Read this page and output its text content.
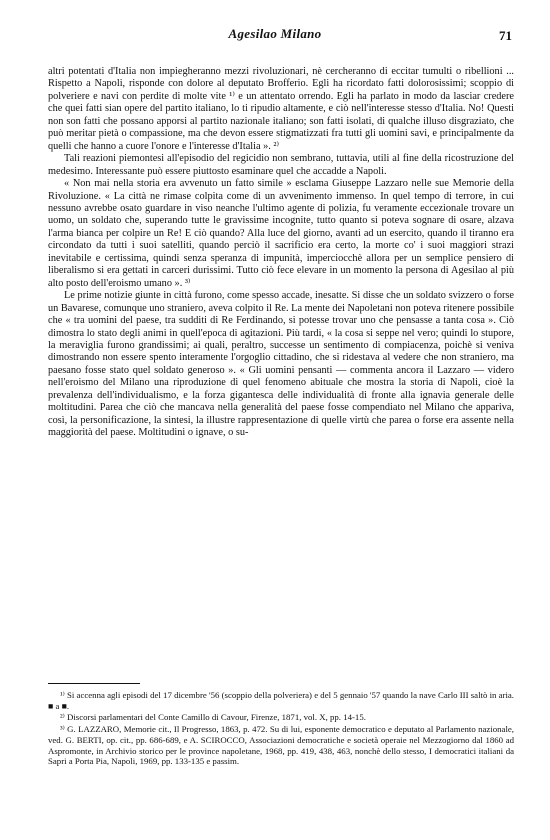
Agesilao Milano	71

altri potentati d'Italia non impiegheranno mezzi rivoluzionari, nè cercheranno di eccitar tumulti o ribellioni ... Rispetto a Napoli, risponde con dolore al deputato Brofferio. Egli ha ricordato fatti dolorosissimi; scoppio di polveriere e navi con perdite di molte vite ¹⁾ e un attentato orrendo. Egli ha parlato in modo da lasciar credere che quei fatti sian opere del partito italiano, lo ti ripudio altamente, e ciò nell'interesse stesso d'Italia. No! Questi non son fatti che possano apporsi al partito nazionale italiano; son fatti isolati, di qualche illuso disgraziato, che può meritar pietà o compassione, ma che devon essere stigmatizzati fra tutti gli uomini savi, e principalmente da quelli che hanno a cuore l'onore e l'interesse d'Italia ». ²⁾

Tali reazioni piemontesi all'episodio del regicidio non sembrano, tuttavia, utili al fine della ricostruzione del medesimo. Interessante può essere piuttosto esaminare quel che accadde a Napoli.

« Non mai nella storia era avvenuto un fatto simile » esclama Giuseppe Lazzaro nelle sue Memorie della Rivoluzione. « La città ne rimase colpita come di un avvenimento immenso. In quel tempo di terrore, in cui nessuno avrebbe osato guardare in viso neanche l'ultimo agente di polizia, fu veramente eccezionale trovare un uomo, un soldato che, superando tutte le gravissime incognite, tutto quanto si poteva sognare di osare, alzava l'arma bianca per colpire un Re! E ciò quando? Alla luce del giorno, avanti ad un esercito, quando il tiranno era circondato da tutti i suoi satelliti, quando perciò il sacrificio era certo, la morte co' i suoi maggiori strazi inevitabile e certissima, quindi senza speranza di impunità, imperciocchè allora per un semplice pensiero di liberalismo si era gettati in carceri durissimi. Tutto ciò fece elevare in un momento la persona di Agesilao al più alto posto dell'eroismo umano ». ³⁾

Le prime notizie giunte in città furono, come spesso accade, inesatte. Si disse che un soldato svizzero o forse un Bavarese, comunque uno straniero, aveva colpito il Re. La mente dei Napoletani non poteva ritenere possibile che « tra uomini del paese, tra sudditi di Re Ferdinando, si potesse trovar uno che pensasse a tanta cosa ». Ciò dimostra lo stato degli animi in quell'epoca di agitazioni. Più tardi, « la cosa si seppe nel vero; quindi lo stupore, la meraviglia furono grandissimi; ai quali, peraltro, successe un sentimento di compiacenza, poichè si veniva dimostrando non essere spento interamente l'orgoglio cittadino, che si ridestava al vedere che non straniero, ma paesano fosse stato quel soldato generoso ». « Gli uomini pensanti — commenta ancora il Lazzaro — videro nell'eroismo del Milano una riproduzione di quel fenomeno abituale che mostra la storia di Napoli, cioè la prevalenza dell'individualismo, e la forza gigantesca delle individualità di fronte alla ignavia generale delle moltitudini. Parea che ciò che mancava nella generalità del paese fosse compendiato nel Milano che appariva, così, la personificazione, la sintesi, la illustre rappresentazione di quelle virtù che parea o forse era assente nella maggiorità del paese. Moltitudini o ignave, o su-

¹⁾ Si accenna agli episodi del 17 dicembre '56 (scoppio della polveriera) e del 5 gennaio '57 quando la nave Carlo III saltò in aria. ■ a ■.

²⁾ Discorsi parlamentari del Conte Camillo di Cavour, Firenze, 1871, vol. X, pp. 14-15.

³⁾ G. LAZZARO, Memorie cit., Il Progresso, 1863, p. 472. Su di lui, esponente democratico e deputato al Parlamento nazionale, ved. G. BERTI, op. cit., pp. 686-689, e A. SCIROCCO, Associazioni democratiche e società operaie nel Mezzogiorno dal 1860 ad Aspromonte, in Archivio storico per le province napoletane, 1968, pp. 419, 438, 463, nonchè dello stesso, I democratici italiani da Sapri a Porta Pia, Napoli, 1969, pp. 133-135 e passim.
